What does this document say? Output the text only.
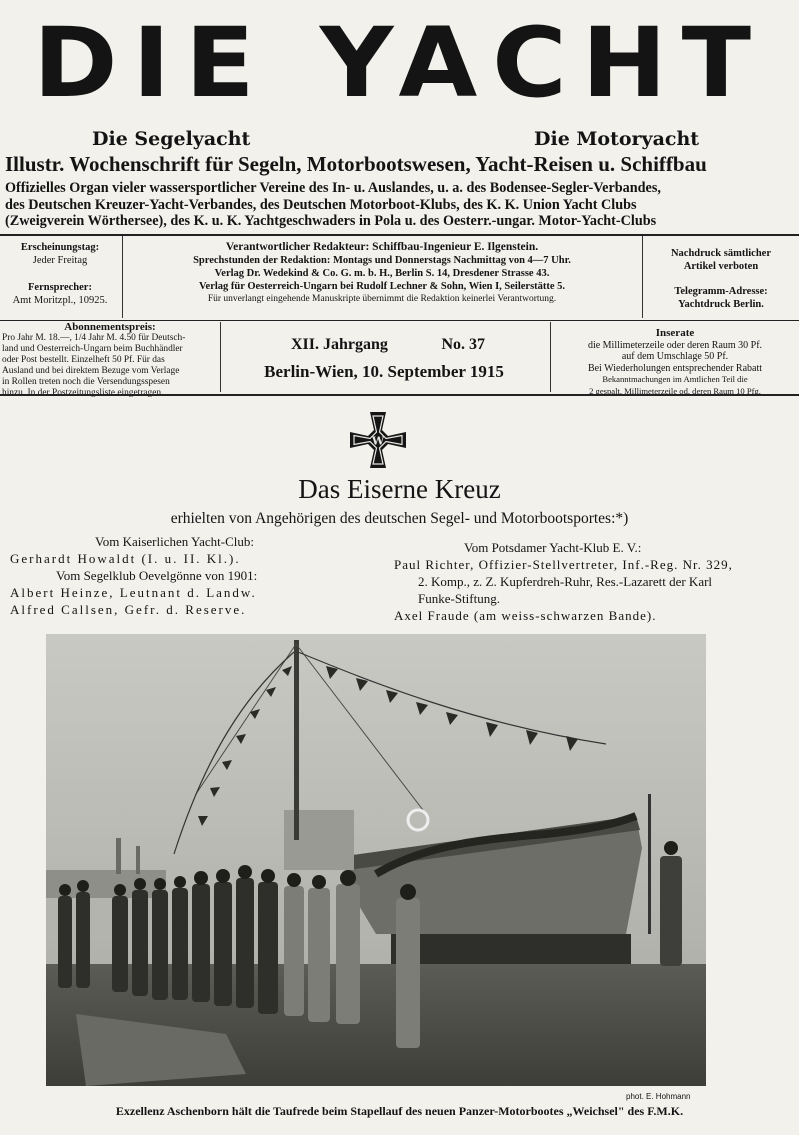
DIE YACHT
Die Segelyacht	Die Motoryacht
Illustr. Wochenschrift für Segeln, Motorbootswesen, Yacht-Reisen u. Schiffbau
Offizielles Organ vieler wassersportlicher Vereine des In- u. Auslandes, u. a. des Bodensee-Segler-Verbandes,
des Deutschen Kreuzer-Yacht-Verbandes, des Deutschen Motorboot-Klubs, des K. K. Union Yacht Clubs
(Zweigverein Wörthersee), des K. u. K. Yachtgeschwaders in Pola u. des Oesterr.-ungar. Motor-Yacht-Clubs
Erscheinungstag:
Jeder Freitag
Fernsprecher:
Amt Moritzpl., 10925.
Verantwortlicher Redakteur: Schiffbau-Ingenieur E. Ilgenstein.
Sprechstunden der Redaktion: Montags und Donnerstags Nachmittag von 4—7 Uhr.
Verlag Dr. Wedekind & Co. G. m. b. H., Berlin S. 14, Dresdener Strasse 43.
Verlag für Oesterreich-Ungarn bei Rudolf Lechner & Sohn, Wien I, Seilerstätte 5.
Für unverlangt eingehende Manuskripte übernimmt die Redaktion keinerlei Verantwortung.
Nachdruck sämtlicher
Artikel verboten
Telegramm-Adresse:
Yachtdruck Berlin.
Abonnementspreis:
Pro Jahr M. 18.—, 1/4 Jahr M. 4.50 für Deutsch-
land und Oesterreich-Ungarn beim Buchhändler
oder Post bestellt. Einzelheft 50 Pf. Für das
Ausland und bei direktem Bezuge vom Verlage
in Rollen treten noch die Versendungsspesen
hinzu. In der Postzeitungsliste eingetragen.
XII. Jahrgang	No. 37
Berlin-Wien, 10. September 1915
Inserate
die Millimeterzeile oder deren Raum 30 Pf.
auf dem Umschlage 50 Pf.
Bei Wiederholungen entsprechender Rabatt
Bekanntmachungen im Amtlichen Teil die
2 gespalt. Millimeterzeile od. deren Raum 10 Pfg.
W
Das Eiserne Kreuz
erhielten von Angehörigen des deutschen Segel- und Motorbootsportes:*)
Vom Kaiserlichen Yacht-Club:
Gerhardt Howaldt (I. u. II. Kl.).
Vom Segelklub Oevelgönne von 1901:
Albert Heinze, Leutnant d. Landw.
Alfred Callsen, Gefr. d. Reserve.
Vom Potsdamer Yacht-Klub E. V.:
Paul Richter, Offizier-Stellvertreter, Inf.-Reg. Nr. 329,
2. Komp., z. Z. Kupferdreh-Ruhr, Res.-Lazarett der Karl
Funke-Stiftung.
Axel Fraude (am weiss-schwarzen Bande).
phot. E. Hohmann
Exzellenz Aschenborn hält die Taufrede beim Stapellauf des neuen Panzer-Motorbootes „Weichsel" des F.M.K.
